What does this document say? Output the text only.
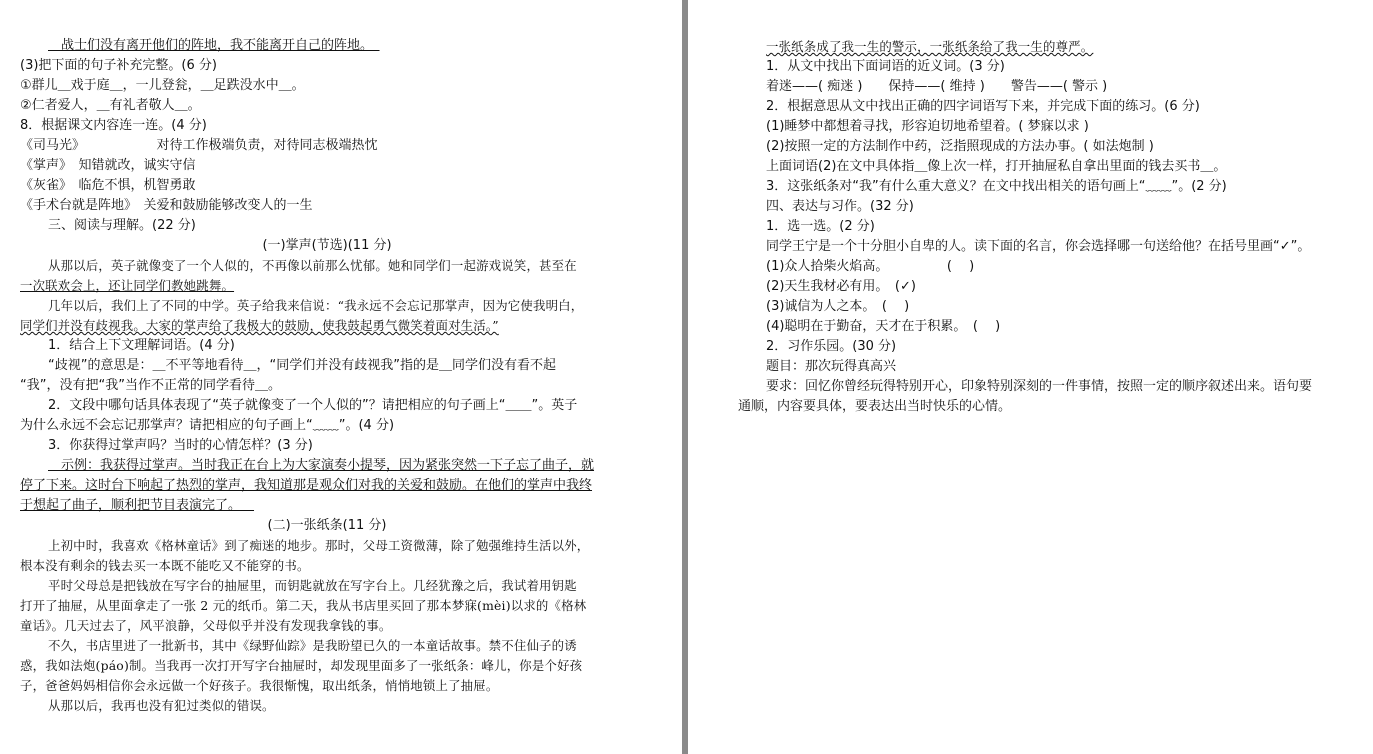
　战士们没有离开他们的阵地，我不能离开自己的阵地。　
(3)把下面的句子补充完整。(6 分)
①群儿＿戏于庭＿，一儿登瓮，＿足跌没水中＿。
②仁者爱人，＿有礼者敬人＿。
8．根据课文内容连一连。(4 分)
《司马光》　　　　　　对待工作极端负责，对待同志极端热忱
《掌声》　知错就改，诚实守信
《灰雀》　临危不惧，机智勇敢
《手术台就是阵地》　关爱和鼓励能够改变人的一生
三、阅读与理解。(22 分)
(一)掌声(节选)(11 分)
从那以后，英子就像变了一个人似的，不再像以前那么忧郁。她和同学们一起游戏说笑，甚至在
一次联欢会上，还让同学们教她跳舞。
几年以后，我们上了不同的中学。英子给我来信说：“我永远不会忘记那掌声，因为它使我明白，
同学们并没有歧视我。大家的掌声给了我极大的鼓励，使我鼓起勇气微笑着面对生活。”
1．结合上下文理解词语。(4 分)
“歧视”的意思是：＿不平等地看待＿，“同学们并没有歧视我”指的是＿同学们没有看不起
“我”，没有把“我”当作不正常的同学看待＿。
2．文段中哪句话具体表现了“英子就像变了一个人似的”？请把相应的句子画上“＿＿”。英子
为什么永远不会忘记那掌声？请把相应的句子画上“﹏﹏”。(4 分)
3．你获得过掌声吗？当时的心情怎样？(3 分)
　示例：我获得过掌声。当时我正在台上为大家演奏小提琴，因为紧张突然一下子忘了曲子，就
停了下来。这时台下响起了热烈的掌声，我知道那是观众们对我的关爱和鼓励。在他们的掌声中我终
于想起了曲子，顺利把节目表演完了。＿
(二)一张纸条(11 分)
上初中时，我喜欢《格林童话》到了痴迷的地步。那时，父母工资微薄，除了勉强维持生活以外，
根本没有剩余的钱去买一本既不能吃又不能穿的书。
平时父母总是把钱放在写字台的抽屉里，而钥匙就放在写字台上。几经犹豫之后，我试着用钥匙
打开了抽屉，从里面拿走了一张 2 元的纸币。第二天，我从书店里买回了那本梦寐(mèi)以求的《格林
童话》。几天过去了，风平浪静，父母似乎并没有发现我拿钱的事。
不久，书店里进了一批新书，其中《绿野仙踪》是我盼望已久的一本童话故事。禁不住仙子的诱
惑，我如法炮(páo)制。当我再一次打开写字台抽屉时，却发现里面多了一张纸条：峰儿，你是个好孩
子，爸爸妈妈相信你会永远做一个好孩子。我很惭愧，取出纸条，悄悄地锁上了抽屉。
从那以后，我再也没有犯过类似的错误。
一张纸条成了我一生的警示，一张纸条给了我一生的尊严。
1．从文中找出下面词语的近义词。(3 分)
着迷——( 痴迷 )　　保持——( 维持 )　　警告——( 警示 )
2．根据意思从文中找出正确的四字词语写下来，并完成下面的练习。(6 分)
(1)睡梦中都想着寻找，形容迫切地希望着。( 梦寐以求 )
(2)按照一定的方法制作中药，泛指照现成的方法办事。( 如法炮制 )
上面词语(2)在文中具体指＿像上次一样，打开抽屉私自拿出里面的钱去买书＿。
3．这张纸条对“我”有什么重大意义？在文中找出相关的语句画上“﹏﹏”。(2 分)
四、表达与习作。(32 分)
1．选一选。(2 分)
同学王宁是一个十分胆小自卑的人。读下面的名言，你会选择哪一句送给他？在括号里画“✓”。
(1)众人拾柴火焰高。　　　　　(　 )
(2)天生我材必有用。　(✓)
(3)诚信为人之本。　(　 )
(4)聪明在于勤奋，天才在于积累。　(　 )
2．习作乐园。(30 分)
题目：那次玩得真高兴
要求：回忆你曾经玩得特别开心，印象特别深刻的一件事情，按照一定的顺序叙述出来。语句要
通顺，内容要具体，要表达出当时快乐的心情。
